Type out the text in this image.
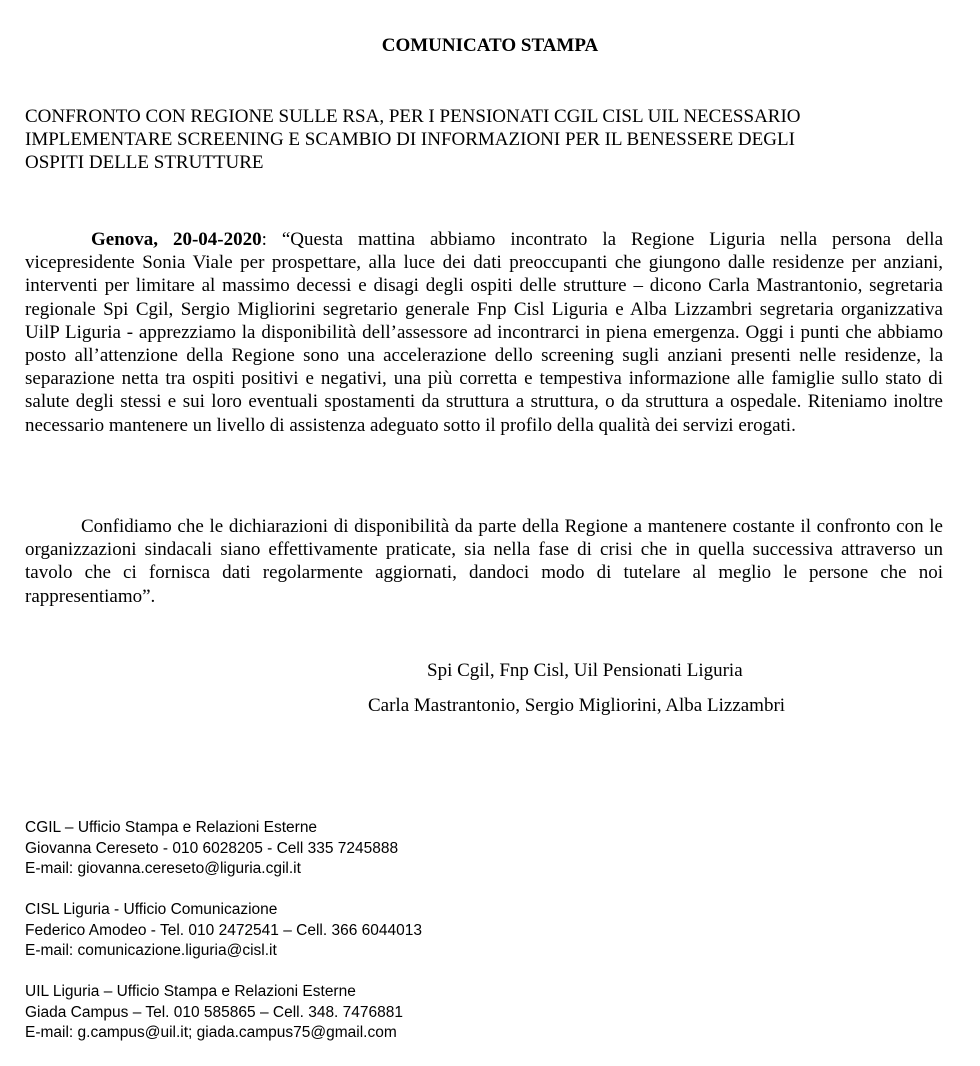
COMUNICATO STAMPA
CONFRONTO CON REGIONE SULLE RSA, PER I PENSIONATI CGIL CISL UIL NECESSARIO
IMPLEMENTARE SCREENING E SCAMBIO DI INFORMAZIONI PER IL BENESSERE DEGLI
OSPITI DELLE STRUTTURE
Genova, 20-04-2020: “Questa mattina abbiamo incontrato la Regione Liguria nella persona della vicepresidente Sonia Viale per prospettare, alla luce dei dati preoccupanti che giungono dalle residenze per anziani, interventi per limitare al massimo decessi e disagi degli ospiti delle strutture – dicono Carla Mastrantonio, segretaria regionale Spi Cgil, Sergio Migliorini segretario generale Fnp Cisl Liguria e Alba Lizzambri segretaria organizzativa UilP Liguria - apprezziamo la disponibilità dell’assessore ad incontrarci in piena emergenza. Oggi i punti che abbiamo posto all’attenzione della Regione sono una accelerazione dello screening sugli anziani presenti nelle residenze, la separazione netta tra ospiti positivi e negativi, una più corretta e tempestiva informazione alle famiglie sullo stato di salute degli stessi e sui loro eventuali spostamenti da struttura a struttura, o da struttura a ospedale. Riteniamo inoltre necessario mantenere un livello di assistenza adeguato sotto il profilo della qualità dei servizi erogati.
Confidiamo che le dichiarazioni di disponibilità da parte della Regione a mantenere costante il confronto con le organizzazioni sindacali siano effettivamente praticate, sia nella fase di crisi che in quella successiva attraverso un tavolo che ci fornisca dati regolarmente aggiornati, dandoci modo di tutelare al meglio le persone che noi rappresentiamo”.
Spi Cgil, Fnp Cisl, Uil Pensionati Liguria
Carla Mastrantonio, Sergio Migliorini, Alba Lizzambri
CGIL – Ufficio Stampa e Relazioni Esterne
Giovanna Cereseto - 010 6028205 - Cell 335 7245888
E-mail: giovanna.cereseto@liguria.cgil.it
CISL Liguria - Ufficio Comunicazione
Federico Amodeo - Tel. 010 2472541 – Cell. 366 6044013
E-mail: comunicazione.liguria@cisl.it
UIL Liguria – Ufficio Stampa e Relazioni Esterne
Giada Campus – Tel. 010 585865 – Cell. 348. 7476881
E-mail: g.campus@uil.it; giada.campus75@gmail.com
